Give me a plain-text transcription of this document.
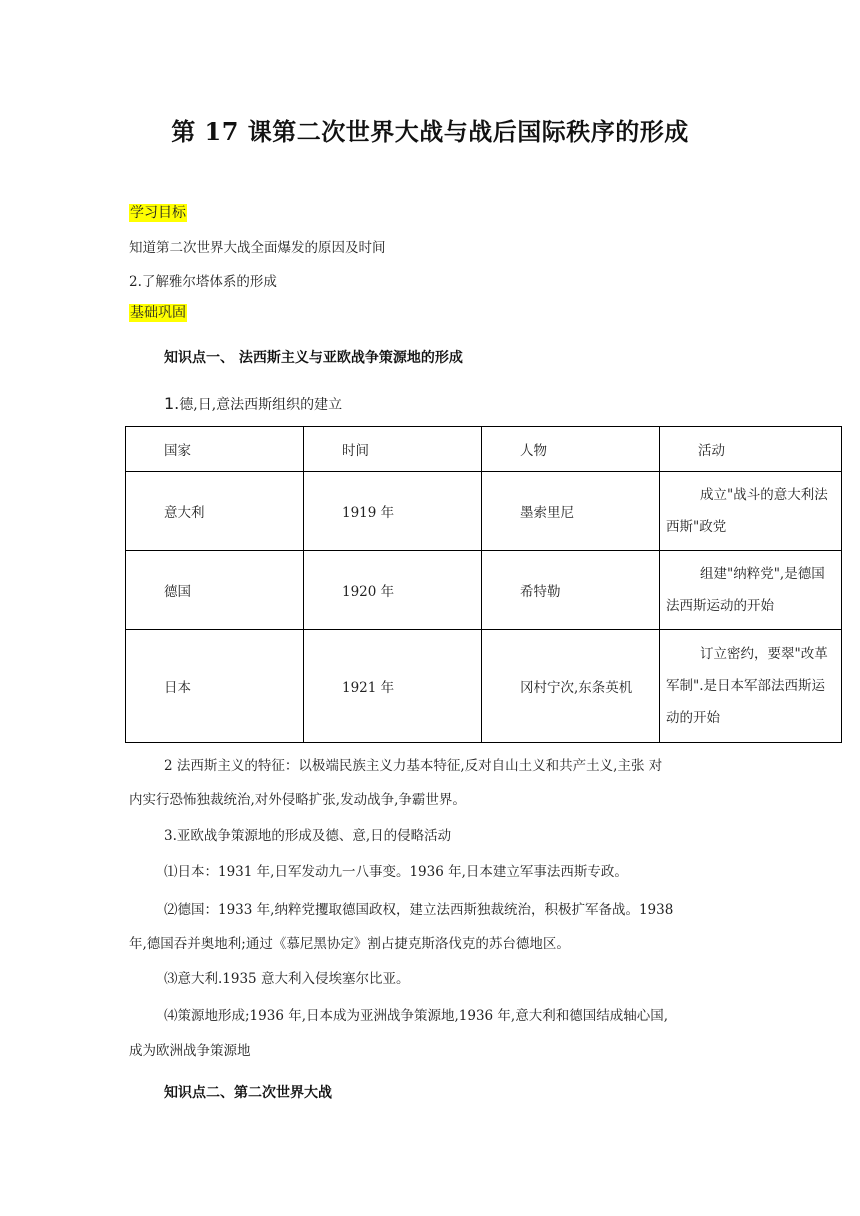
第 17 课第二次世界大战与战后国际秩序的形成
学习目标
知道第二次世界大战全面爆发的原因及时间
2.了解雅尔塔体系的形成
基础巩固
知识点一、 法西斯主义与亚欧战争策源地的形成
1.德,日,意法西斯组织的建立
国家	时间	人物	活动
意大利	1919 年	墨索里尼	成立"战斗的意大利法西斯"政党
德国	1920 年	希特勒	组建"纳粹党",是德国法西斯运动的开始
日本	1921 年	冈村宁次,东条英机	订立密约，要翠"改革军制".是日本军部法西斯运动的开始
2 法西斯主义的特征：以极端民族主义力基本特征,反对自山土义和共产土义,主张 对
内实行恐怖独裁统治,对外侵略扩张,发动战争,争霸世界。
3.亚欧战争策源地的形成及德、意,日的侵略活动
⑴日本：1931 年,日军发动九一八事变。1936 年,日本建立军事法西斯专政。
⑵德国：1933 年,纳粹党攫取德国政权，建立法西斯独裁统治，积极扩军备战。1938
年,德国吞并奥地利;通过《慕尼黑协定》割占捷克斯洛伐克的苏台德地区。
⑶意大利.1935 意大利入侵埃塞尔比亚。
⑷策源地形成;1936 年,日本成为亚洲战争策源地,1936 年,意大利和德国结成轴心国,
成为欧洲战争策源地
知识点二、第二次世界大战
